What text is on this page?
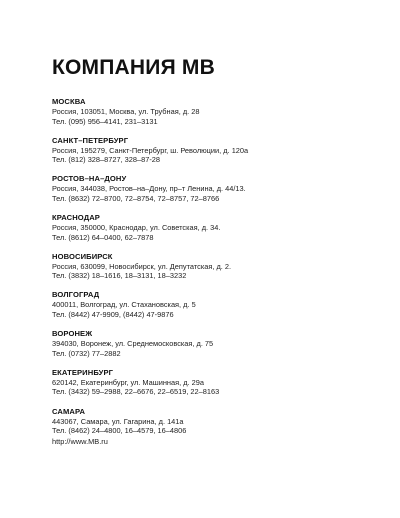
КОМПАНИЯ МВ
МОСКВА
Россия, 103051, Москва, ул. Трубная, д. 28
Тел. (095) 956–4141, 231–3131
САНКТ–ПЕТЕРБУРГ
Россия, 195279, Санкт-Петербург, ш. Революции, д. 120а
Тел. (812) 328–8727, 328–87-28
РОСТОВ–НА–ДОНУ
Россия, 344038, Ростов–на–Дону, пр–т Ленина, д. 44/13.
Тел. (8632) 72–8700, 72–8754, 72–8757, 72–8766
КРАСНОДАР
Россия, 350000, Краснодар, ул. Советская, д. 34.
Тел. (8612) 64–0400, 62–7878
НОВОСИБИРСК
Россия, 630099, Новосибирск, ул. Депутатская, д. 2.
Тел. (3832) 18–1616, 18–3131, 18–3232
ВОЛГОГРАД
400011, Волгоград, ул. Стахановская, д. 5
Тел. (8442) 47-9909, (8442) 47-9876
ВОРОНЕЖ
394030, Воронеж, ул. Среднемосковская, д. 75
Тел. (0732) 77–2882
ЕКАТЕРИНБУРГ
620142, Екатеринбург, ул. Машинная, д. 29а
Тел. (3432) 59–2988, 22–6676, 22–6519, 22–8163
САМАРА
443067, Самара, ул. Гагарина, д. 141а
Тел. (8462) 24–4800, 16–4579, 16–4806
http://www.MB.ru
